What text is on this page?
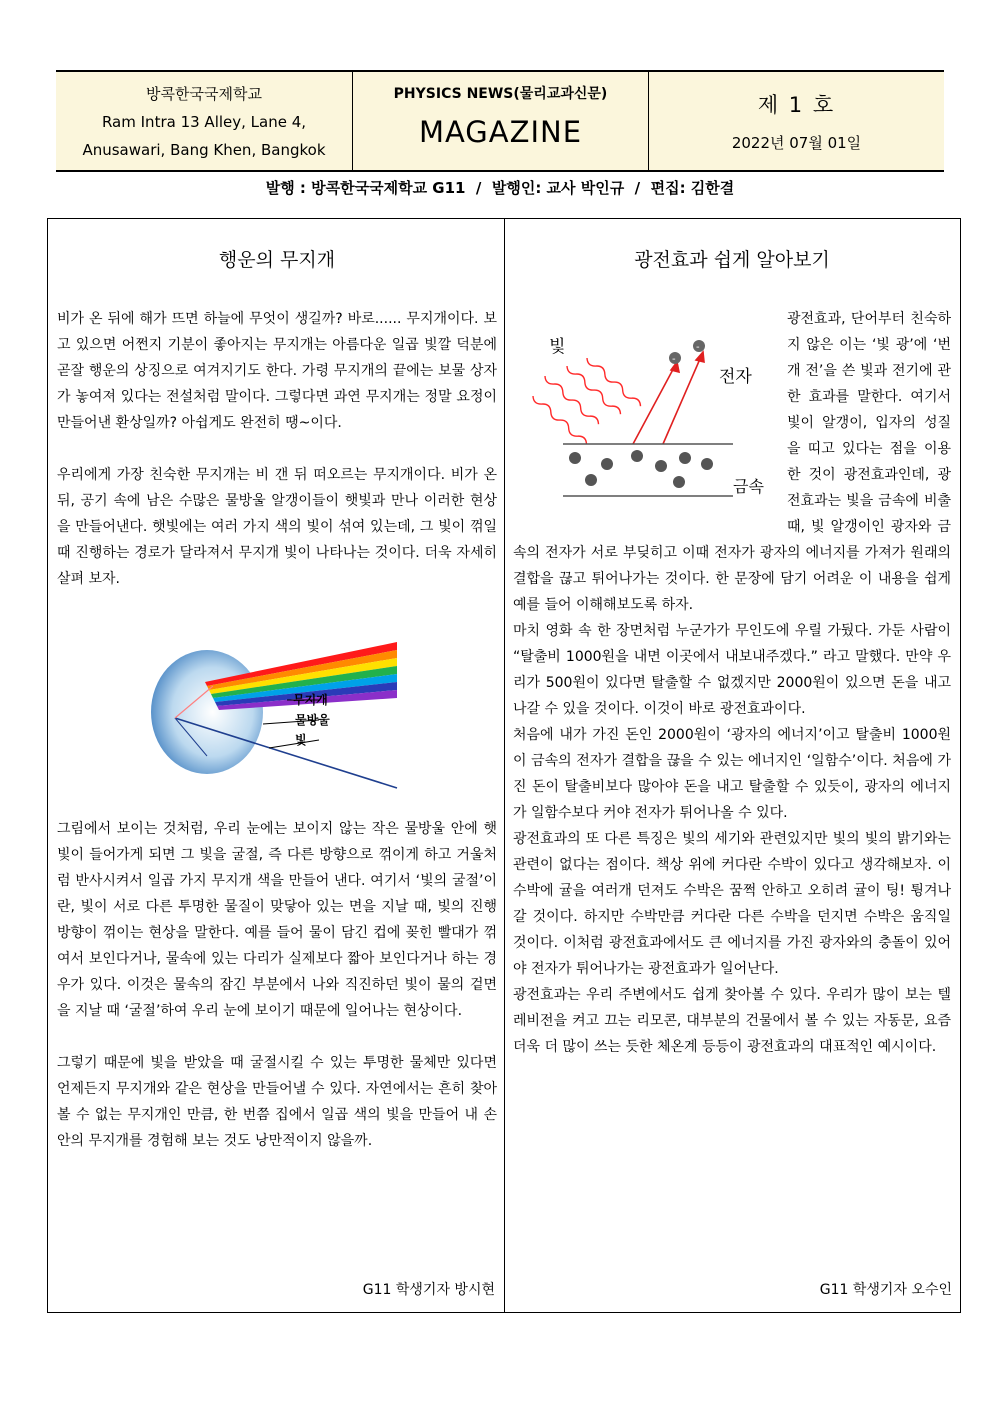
방콕한국국제학교
Ram Intra 13 Alley, Lane 4,
Anusawari, Bang Khen, Bangkok
PHYSICS NEWS(물리교과신문)
MAGAZINE
제 1 호
2022년 07월 01일
발행 : 방콕한국국제학교 G11  /  발행인: 교사 박인규  /  편집: 김한결
행운의 무지개

비가 온 뒤에 해가 뜨면 하늘에 무엇이 생길까? 바로...... 무지개이다. 보고 있으면 어쩐지 기분이 좋아지는 무지개는 아름다운 일곱 빛깔 덕분에 곧잘 행운의 상징으로 여겨지기도 한다. 가령 무지개의 끝에는 보물 상자가 놓여져 있다는 전설처럼 말이다. 그렇다면 과연 무지개는 정말 요정이 만들어낸 환상일까? 아쉽게도 완전히 땡~이다.

우리에게 가장 친숙한 무지개는 비 갠 뒤 떠오르는 무지개이다. 비가 온 뒤, 공기 속에 남은 수많은 물방울 알갱이들이 햇빛과 만나 이러한 현상을 만들어낸다. 햇빛에는 여러 가지 색의 빛이 섞여 있는데, 그 빛이 꺾일 때 진행하는 경로가 달라져서 무지개 빛이 나타나는 것이다. 더욱 자세히 살펴 보자.

무지개
물방울
빛

그림에서 보이는 것처럼, 우리 눈에는 보이지 않는 작은 물방울 안에 햇빛이 들어가게 되면 그 빛을 굴절, 즉 다른 방향으로 꺾이게 하고 거울처럼 반사시켜서 일곱 가지 무지개 색을 만들어 낸다. 여기서 ‘빛의 굴절’이란, 빛이 서로 다른 투명한 물질이 맞닿아 있는 면을 지날 때, 빛의 진행 방향이 꺾이는 현상을 말한다. 예를 들어 물이 담긴 컵에 꽂힌 빨대가 꺾여서 보인다거나, 물속에 있는 다리가 실제보다 짧아 보인다거나 하는 경우가 있다. 이것은 물속의 잠긴 부분에서 나와 직진하던 빛이 물의 겉면을 지날 때 ‘굴절’하여 우리 눈에 보이기 때문에 일어나는 현상이다.

그렇기 때문에 빛을 받았을 때 굴절시킬 수 있는 투명한 물체만 있다면 언제든지 무지개와 같은 현상을 만들어낼 수 있다. 자연에서는 흔히 찾아볼 수 없는 무지개인 만큼, 한 번쯤 집에서 일곱 색의 빛을 만들어 내 손 안의 무지개를 경험해 보는 것도 낭만적이지 않을까.

G11 학생기자 방시현
광전효과 쉽게 알아보기

빛
전자
금속
-
-
광전효과, 단어부터 친숙하지 않은 이는 ‘빛 광’에 ‘번개 전’을 쓴 빛과 전기에 관한 효과를 말한다. 여기서 빛이 알갱이, 입자의 성질을 띠고 있다는 점을 이용한 것이 광전효과인데, 광전효과는 빛을 금속에 비출 때, 빛 알갱이인 광자와 금속의 전자가 서로 부딪히고 이때 전자가 광자의 에너지를 가져가 원래의 결합을 끊고 튀어나가는 것이다. 한 문장에 담기 어려운 이 내용을 쉽게 예를 들어 이해해보도록 하자.

마치 영화 속 한 장면처럼 누군가가 무인도에 우릴 가뒀다. 가둔 사람이 “탈출비 1000원을 내면 이곳에서 내보내주겠다.” 라고 말했다. 만약 우리가 500원이 있다면 탈출할 수 없겠지만 2000원이 있으면 돈을 내고 나갈 수 있을 것이다. 이것이 바로 광전효과이다.

처음에 내가 가진 돈인 2000원이 ‘광자의 에너지’이고 탈출비 1000원이 금속의 전자가 결합을 끊을 수 있는 에너지인 ‘일함수’이다. 처음에 가진 돈이 탈출비보다 많아야 돈을 내고 탈출할 수 있듯이, 광자의 에너지가 일함수보다 커야 전자가 튀어나올 수 있다.

광전효과의 또 다른 특징은 빛의 세기와 관련있지만 빛의 빛의 밝기와는 관련이 없다는 점이다. 책상 위에 커다란 수박이 있다고 생각해보자. 이 수박에 귤을 여러개 던져도 수박은 꿈쩍 안하고 오히려 귤이 팅! 튕겨나갈 것이다. 하지만 수박만큼 커다란 다른 수박을 던지면 수박은 움직일 것이다. 이처럼 광전효과에서도 큰 에너지를 가진 광자와의 충돌이 있어야 전자가 튀어나가는 광전효과가 일어난다.

광전효과는 우리 주변에서도 쉽게 찾아볼 수 있다. 우리가 많이 보는 텔레비전을 켜고 끄는 리모콘, 대부분의 건물에서 볼 수 있는 자동문, 요즘 더욱 더 많이 쓰는 듯한 체온계 등등이 광전효과의 대표적인 예시이다.

G11 학생기자 오수인
